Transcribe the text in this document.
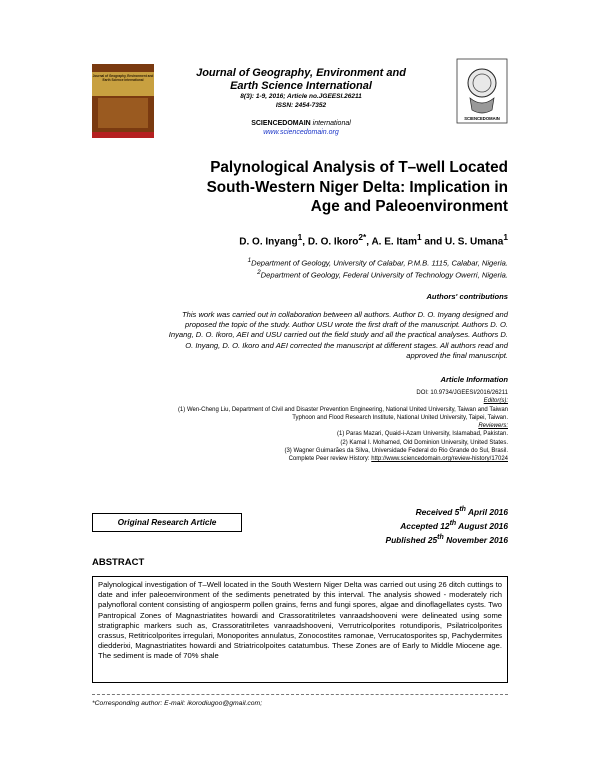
Journal of Geography, Environment and
Earth Science International
Journal of Geography, Environment and
Earth Science International
8(3): 1-9, 2016; Article no.JGEESI.26211
ISSN: 2454-7352
SCIENCEDOMAIN international
www.sciencedomain.org
SCIENCEDOMAIN
Palynological Analysis of T–well Located
South-Western Niger Delta: Implication in
Age and Paleoenvironment
D. O. Inyang$^1$, D. O. Ikoro$^{2*}$, A. E. Itam$^1$ and U. S. Umana$^1$
$^1$Department of Geology, University of Calabar, P.M.B. 1115, Calabar, Nigeria.
$^2$Department of Geology, Federal University of Technology Owerri, Nigeria.
Authors' contributions
This work was carried out in collaboration between all authors. Author D. O. Inyang designed and
proposed the topic of the study. Author USU wrote the first draft of the manuscript. Authors D. O.
Inyang, D. O. Ikoro, AEI and USU carried out the field study and all the practical analyses. Authors D.
O. Inyang, D. O. Ikoro and AEI corrected the manuscript at different stages. All authors read and
approved the final manuscript.
Article Information
DOI: 10.9734/JGEESI/2016/26211
Editor(s):
(1) Wen-Cheng Liu, Department of Civil and Disaster Prevention Engineering, National United University, Taiwan and Taiwan
Typhoon and Flood Research Institute, National United University, Taipei, Taiwan.
Reviewers:
(1) Paras Mazari, Quaid-i-Azam University, Islamabad, Pakistan.
(2) Kamal I. Mohamed, Old Dominion University, United States.
(3) Wagner Guimarães da Silva, Universidade Federal do Rio Grande do Sul, Brasil.
Complete Peer review History: http://www.sciencedomain.org/review-history/17024
Received 5th April 2016
Accepted 12th August 2016
Published 25th November 2016
Original Research Article
ABSTRACT
Palynological investigation of T–Well located in the South Western Niger Delta was carried out using 26 ditch cuttings to date and infer paleoenvironment of the sediments penetrated by this interval. The analysis showed - moderately rich palynofloral content consisting of angiosperm pollen grains, ferns and fungi spores, algae and dinoflagellates cysts. Two Pantropical Zones of Magnastriatites howardi and Crassoratitriletes vanraadshooveni were delineated using some stratigraphic markers such as, Crassoratitriletes vanraadshooveni, Verrutricolporites rotundiporis, Psilatricolporites crassus, Retitricolporites irregulari, Monoporites annulatus, Zonocostites ramonae, Verrucatosporites sp, Pachydermites diedderixi, Magnastriatites howardi and Striatricolpoites catatumbus. These Zones are of Early to Middle Miocene age. The sediment is made of 70% shale
*Corresponding author: E-mail: ikorodiugoo@gmail.com;
